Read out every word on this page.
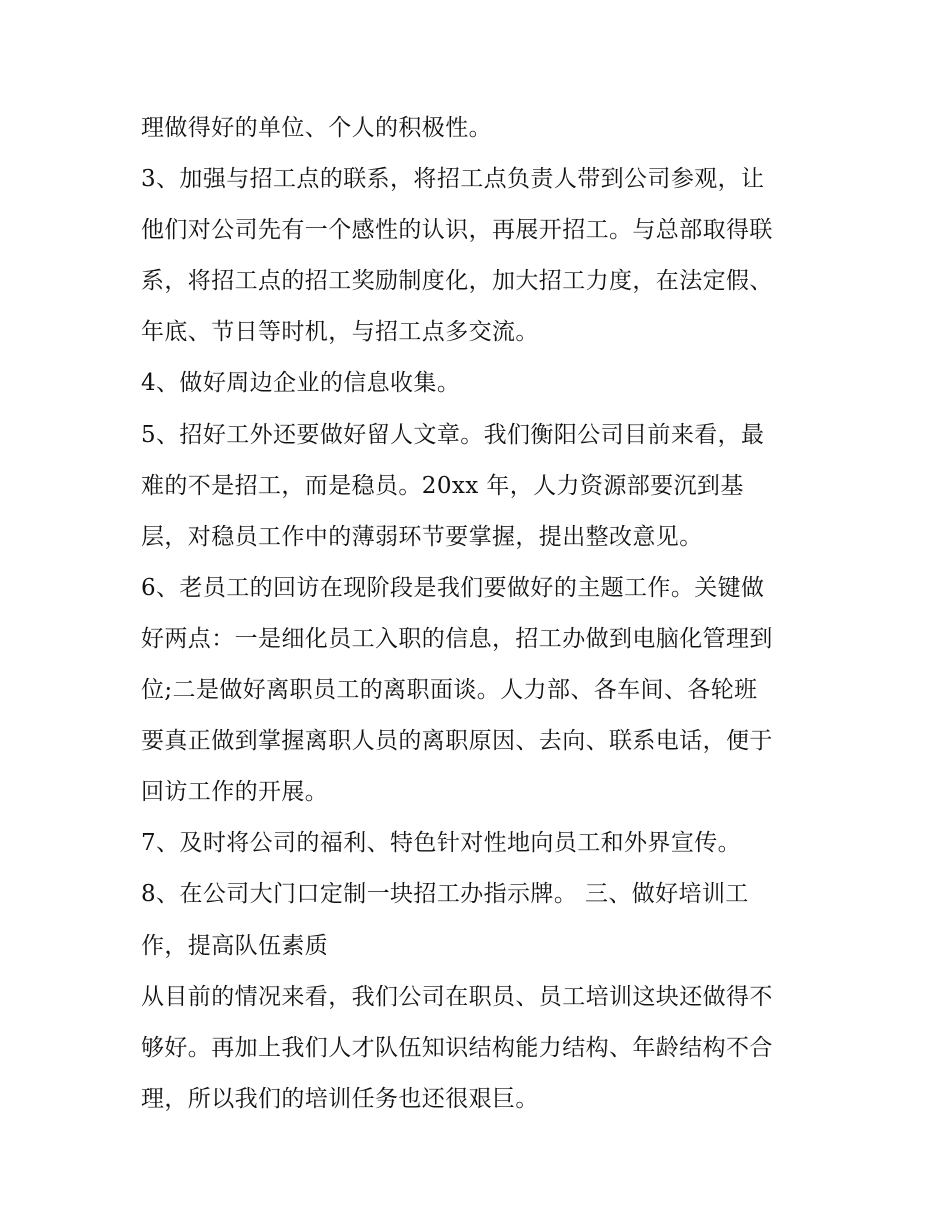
理做得好的单位、个人的积极性。
3、加强与招工点的联系，将招工点负责人带到公司参观，让
他们对公司先有一个感性的认识，再展开招工。与总部取得联
系，将招工点的招工奖励制度化，加大招工力度，在法定假、
年底、节日等时机，与招工点多交流。
4、做好周边企业的信息收集。
5、招好工外还要做好留人文章。我们衡阳公司目前来看，最
难的不是招工，而是稳员。20xx 年，人力资源部要沉到基
层，对稳员工作中的薄弱环节要掌握，提出整改意见。
6、老员工的回访在现阶段是我们要做好的主题工作。关键做
好两点：一是细化员工入职的信息，招工办做到电脑化管理到
位;二是做好离职员工的离职面谈。人力部、各车间、各轮班
要真正做到掌握离职人员的离职原因、去向、联系电话，便于
回访工作的开展。
7、及时将公司的福利、特色针对性地向员工和外界宣传。
8、在公司大门口定制一块招工办指示牌。 三、做好培训工
作，提高队伍素质
从目前的情况来看，我们公司在职员、员工培训这块还做得不
够好。再加上我们人才队伍知识结构能力结构、年龄结构不合
理，所以我们的培训任务也还很艰巨。
